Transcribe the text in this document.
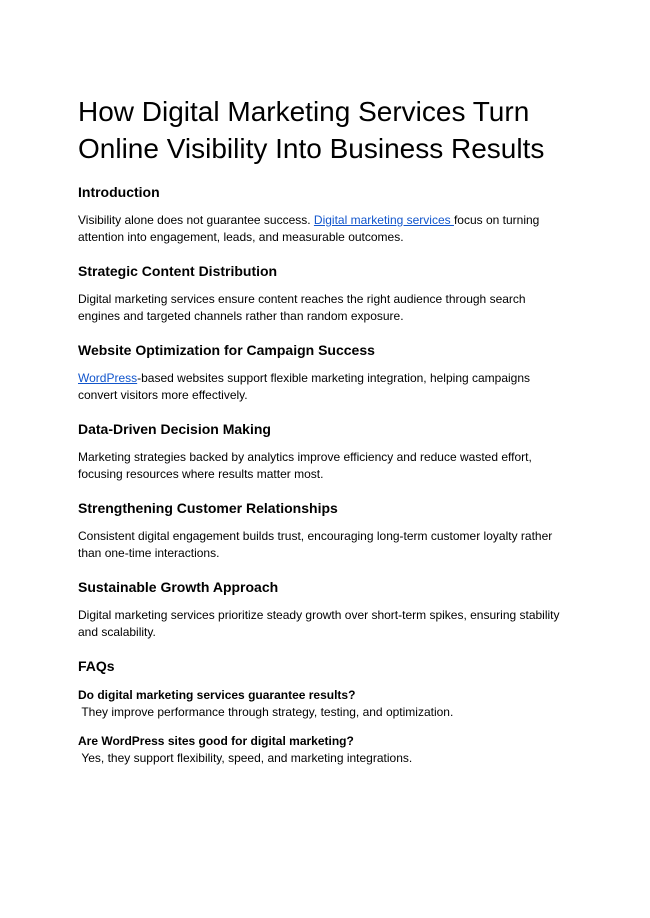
How Digital Marketing Services Turn Online Visibility Into Business Results
Introduction

Visibility alone does not guarantee success. Digital marketing services focus on turning attention into engagement, leads, and measurable outcomes.

Strategic Content Distribution

Digital marketing services ensure content reaches the right audience through search engines and targeted channels rather than random exposure.

Website Optimization for Campaign Success

WordPress-based websites support flexible marketing integration, helping campaigns convert visitors more effectively.

Data-Driven Decision Making

Marketing strategies backed by analytics improve efficiency and reduce wasted effort, focusing resources where results matter most.

Strengthening Customer Relationships

Consistent digital engagement builds trust, encouraging long-term customer loyalty rather than one-time interactions.

Sustainable Growth Approach

Digital marketing services prioritize steady growth over short-term spikes, ensuring stability and scalability.

FAQs
Do digital marketing services guarantee results?
They improve performance through strategy, testing, and optimization.
Are WordPress sites good for digital marketing?
Yes, they support flexibility, speed, and marketing integrations.
